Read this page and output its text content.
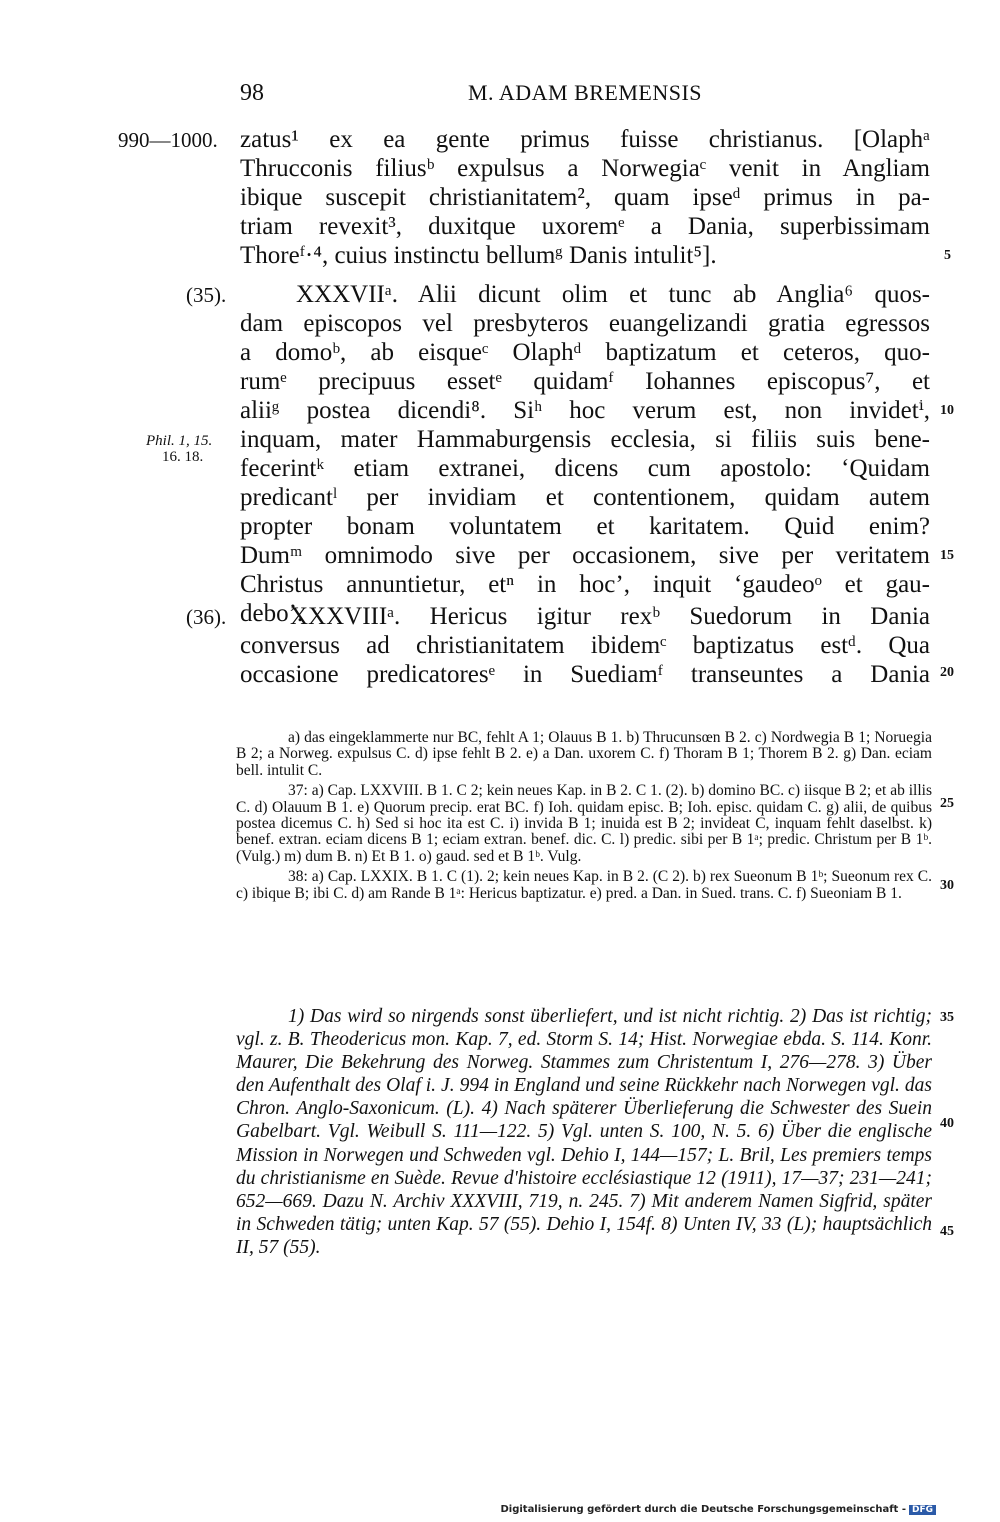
98	M. ADAM BREMENSIS
990—1000.
(35).
Phil. 1, 15.
16. 18.
(36).
zatus¹ ex ea gente primus fuisse christianus. [Olaphᵃ
Thrucconis filiusᵇ expulsus a Norwegiaᶜ venit in Angliam
ibique suscepit christianitatem², quam ipseᵈ primus in pa-
triam revexit³, duxitque uxoremᵉ a Dania, superbissimam
Thoreᶠ·⁴, cuius instinctu bellumᵍ Danis intulit⁵].
XXXVIIᵃ. Alii dicunt olim et tunc ab Anglia⁶ quos-
dam episcopos vel presbyteros euangelizandi gratia egressos
a domoᵇ, ab eisqueᶜ Olaphᵈ baptizatum et ceteros, quo-
rumᵉ precipuus essetᵉ quidamᶠ Iohannes episcopus⁷, et
aliiᵍ postea dicendi⁸. Siʰ hoc verum est, non invidetⁱ,
inquam, mater Hammaburgensis ecclesia, si filiis suis bene-
fecerintᵏ etiam extranei, dicens cum apostolo: ‘Quidam
predicantˡ per invidiam et contentionem, quidam autem
propter bonam voluntatem et karitatem. Quid enim?
Dumᵐ omnimodo sive per occasionem, sive per veritatem
Christus annuntietur, etⁿ in hoc’, inquit ‘gaudeoᵒ et gau-
debo’.
XXXVIIIᵃ. Hericus igitur rexᵇ Suedorum in Dania
conversus ad christianitatem ibidemᶜ baptizatus estᵈ. Qua
occasione predicatoresᵉ in Suediamᶠ transeuntes a Dania
5
10
15
20
25
30
35
40
45

a) das eingeklammerte nur BC, fehlt A 1; Olauus B 1. b) Thrucunsœn B 2. c) Nordwegia B 1; Noruegia B 2; a Norweg. expulsus C. d) ipse fehlt B 2. e) a Dan. uxorem C. f) Thoram B 1; Thorem B 2. g) Dan. eciam bell. intulit C.

37: a) Cap. LXXVIII. B 1. C 2; kein neues Kap. in B 2. C 1. (2). b) domino BC. c) iisque B 2; et ab illis C. d) Olauum B 1. e) Quorum precip. erat BC. f) Ioh. quidam episc. B; Ioh. episc. quidam C. g) alii, de quibus postea dicemus C. h) Sed si hoc ita est C. i) invida B 1; inuida est B 2; invideat C, inquam fehlt daselbst. k) benef. extran. eciam dicens B 1; eciam extran. benef. dic. C. l) predic. sibi per B 1ᵃ; predic. Christum per B 1ᵇ. (Vulg.) m) dum B. n) Et B 1. o) gaud. sed et B 1ᵇ. Vulg.

38: a) Cap. LXXIX. B 1. C (1). 2; kein neues Kap. in B 2. (C 2). b) rex Sueonum B 1ᵇ; Sueonum rex C. c) ibique B; ibi C. d) am Rande B 1ᵃ: Hericus baptizatur. e) pred. a Dan. in Sued. trans. C. f) Sueoniam B 1.

1) Das wird so nirgends sonst überliefert, und ist nicht richtig. 2) Das ist richtig; vgl. z. B. Theodericus mon. Kap. 7, ed. Storm S. 14; Hist. Norwegiae ebda. S. 114. Konr. Maurer, Die Bekehrung des Norweg. Stammes zum Christentum I, 276—278. 3) Über den Aufenthalt des Olaf i. J. 994 in England und seine Rückkehr nach Norwegen vgl. das Chron. Anglo-Saxonicum. (L). 4) Nach späterer Überlieferung die Schwester des Suein Gabelbart. Vgl. Weibull S. 111—122. 5) Vgl. unten S. 100, N. 5. 6) Über die englische Mission in Norwegen und Schweden vgl. Dehio I, 144—157; L. Bril, Les premiers temps du christianisme en Suède. Revue d'histoire ecclésiastique 12 (1911), 17—37; 231—241; 652—669. Dazu N. Archiv XXXVIII, 719, n. 245. 7) Mit anderem Namen Sigfrid, später in Schweden tätig; unten Kap. 57 (55). Dehio I, 154f. 8) Unten IV, 33 (L); hauptsächlich II, 57 (55).

Digitalisierung gefördert durch die Deutsche Forschungsgemeinschaft - DFG
